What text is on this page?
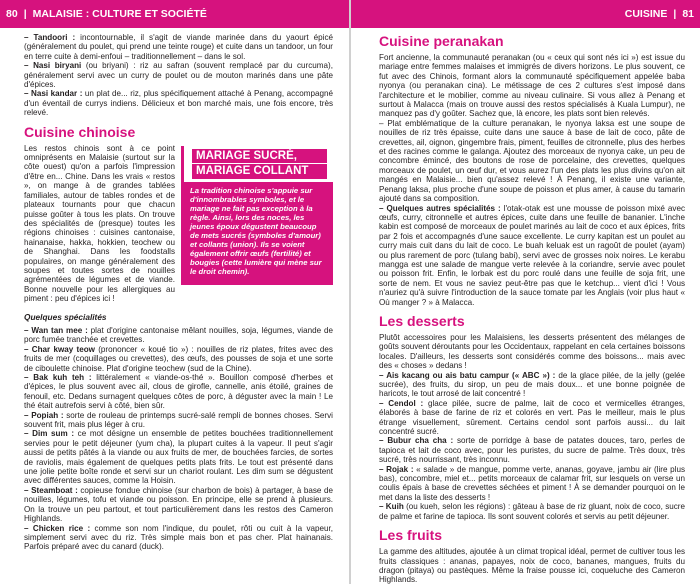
80 | MALAISIE : CULTURE ET SOCIÉTÉ

– Tandoori : incontournable, il s'agit de viande marinée dans du yaourt épicé (généralement du poulet, qui prend une teinte rouge) et cuite dans un tandoor, un four en terre cuite à demi-enfoui – traditionnellement – dans le sol.

– Nasi biryani (ou briyani) : riz au safran (souvent remplacé par du curcuma), généralement servi avec un curry de poulet ou de mouton marinés dans une pâte d'épices.

– Nasi kandar : un plat de... riz, plus spécifiquement attaché à Penang, accompagné d'un éventail de currys indiens. Délicieux et bon marché mais, une fois encore, très relevé.

Cuisine chinoise
MARIAGE SUCRÉ,
MARIAGE COLLANT
La tradition chinoise s'appuie sur d'innombrables symboles, et le mariage ne fait pas exception à la règle. Ainsi, lors des noces, les jeunes époux dégustent beaucoup de mets sucrés (symboles d'amour) et collants (union). Ils se voient également offrir œufs (fertilité) et bougies (cette lumière qui mène sur le droit chemin).

Les restos chinois sont à ce point omniprésents en Malaisie (surtout sur la côte ouest) qu'on a parfois l'impression d'être en... Chine. Dans les vrais « restos », on mange à de grandes tablées familiales, autour de tables rondes et de plateaux tournants pour que chacun puisse goûter à tous les plats. On trouve des spécialités de (presque) toutes les régions chinoises : cuisines cantonaise, hainanaise, hakka, hokkien, teochew ou de Shanghai. Dans les foodstalls populaires, on mange généralement des soupes et toutes sortes de nouilles agrémentées de légumes et de viande. Bonne nouvelle pour les allergiques au piment : peu d'épices ici !

Quelques spécialités

– Wan tan mee : plat d'origine cantonaise mêlant nouilles, soja, légumes, viande de porc fumée tranchée et crevettes.

– Char kway teow (prononcer « koué tio ») : nouilles de riz plates, frites avec des fruits de mer (coquillages ou crevettes), des œufs, des pousses de soja et une sorte de ciboulette chinoise. Plat d'origine teochew (sud de la Chine).

– Bak kuh teh : littéralement « viande-os-thé ». Bouillon composé d'herbes et d'épices, le plus souvent avec ail, clous de girofle, cannelle, anis étoilé, graines de fenouil, etc. Dedans surnagent quelques côtes de porc, à déguster avec la main ! Le thé était autrefois servi à côté, bien sûr.

– Popiah : sorte de rouleau de printemps sucré-salé rempli de bonnes choses. Servi souvent frit, mais plus léger à cru.

– Dim sum : ce mot désigne un ensemble de petites bouchées traditionnellement servies pour le petit déjeuner (yum cha), la plupart cuites à la vapeur. Il peut s'agir aussi de petits pâtés à la viande ou aux fruits de mer, de bouchées farcies, de sortes de raviolis, mais également de quelques petits plats frits. Le tout est présenté dans une jolie petite boîte ronde et servi sur un chariot roulant. Les dim sum se dégustent avec différentes sauces, comme la Hoisin.

– Steamboat : copieuse fondue chinoise (sur charbon de bois) à partager, à base de nouilles, légumes, tofu et viande ou poisson. En principe, elle se prend à plusieurs. On la trouve un peu partout, et tout particulièrement dans les restos des Cameron Highlands.

– Chicken rice : comme son nom l'indique, du poulet, rôti ou cuit à la vapeur, simplement servi avec du riz. Très simple mais bon et pas cher. Plat hainanais. Parfois préparé avec du canard (duck).

CUISINE | 81
Cuisine peranakan

Fort ancienne, la communauté peranakan (ou « ceux qui sont nés ici ») est issue du mariage entre femmes malaises et immigrés de divers horizons. Le plus souvent, ce fut avec des Chinois, formant alors la communauté spécifiquement appelée baba nyonya (ou peranakan cina). Le métissage de ces 2 cultures s'est imposé dans l'architecture et le mobilier, comme au niveau culinaire. Si vous allez à Penang et surtout à Malacca (mais on trouve aussi des restos spécialisés à Kuala Lumpur), ne manquez pas d'y goûter. Sachez que, là encore, les plats sont bien relevés.

– Plat emblématique de la culture peranakan, le nyonya laksa est une soupe de nouilles de riz très épaisse, cuite dans une sauce à base de lait de coco, pâte de crevettes, ail, oignon, gingembre frais, piment, feuilles de citronnelle, plus des herbes et des racines comme le galanga. Ajoutez des morceaux de nyonya cake, un peu de concombre émincé, des boutons de rose de porcelaine, des crevettes, quelques morceaux de poulet, un œuf dur, et vous aurez l'un des plats les plus divins qu'on ait mangés en Malaisie... bien qu'assez relevé ! À Penang, il existe une variante, Penang laksa, plus proche d'une soupe de poisson et plus amer, à cause du tamarin ajouté dans sa composition.

– Quelques autres spécialités : l'otak-otak est une mousse de poisson mixé avec œufs, curry, citronnelle et autres épices, cuite dans une feuille de bananier. L'inche kabin est composé de morceaux de poulet marinés au lait de coco et aux épices, frits par 2 fois et accompagnés d'une sauce excellente. Le curry kapitan est un poulet au curry mais cuit dans du lait de coco. Le buah keluak est un ragoût de poulet (ayam) ou plus rarement de porc (tulang babi), servi avec de grosses noix noires. Le kerabu mangga est une salade de mangue verte relevée à la coriandre, servie avec poulet ou poisson frit. Enfin, le lorbak est du porc roulé dans une feuille de soja frit, une sorte de nem. Et vous ne saviez peut-être pas que le ketchup... vient d'ici ! Vous n'auriez qu'à suivre l'introduction de la sauce tomate par les Anglais (voir plus haut « Où manger ? » à Malacca.

Les desserts

Plutôt accessoires pour les Malaisiens, les desserts présentent des mélanges de goûts souvent déroutants pour les Occidentaux, rappelant en cela certaines boissons locales. D'ailleurs, les desserts sont considérés comme des boissons... mais avec des « choses » dedans !

– Ais kacang ou ais batu campur (« ABC ») : de la glace pilée, de la jelly (gelée sucrée), des fruits, du sirop, un peu de mais doux... et une bonne poignée de haricots, le tout arrosé de lait concentré !

– Cendol : glace pilée, sucre de palme, lait de coco et vermicelles étranges, élaborés à base de farine de riz et colorés en vert. Pas le meilleur, mais le plus étrange visuellement, sûrement. Certains cendol sont parfois aussi... du lait concentré sucré.

– Bubur cha cha : sorte de porridge à base de patates douces, taro, perles de tapioca et lait de coco avec, pour les puristes, du sucre de palme. Très doux, très sucré, très nourrissant, très inconnu.

– Rojak : « salade » de mangue, pomme verte, ananas, goyave, jambu air (lire plus bas), concombre, miel et... petits morceaux de calamar frit, sur lesquels on verse un coulis épais à base de crevettes séchées et piment ! À se demander pourquoi on le met dans la liste des desserts !

– Kuih (ou kueh, selon les régions) : gâteau à base de riz gluant, noix de coco, sucre de palme et farine de tapioca. Ils sont souvent colorés et servis au petit déjeuner.

Les fruits

La gamme des altitudes, ajoutée à un climat tropical idéal, permet de cultiver tous les fruits classiques : ananas, papayes, noix de coco, bananes, mangues, fruits du dragon (pitaya) ou pastèques. Même la fraise pousse ici, coqueluche des Cameron Highlands.
